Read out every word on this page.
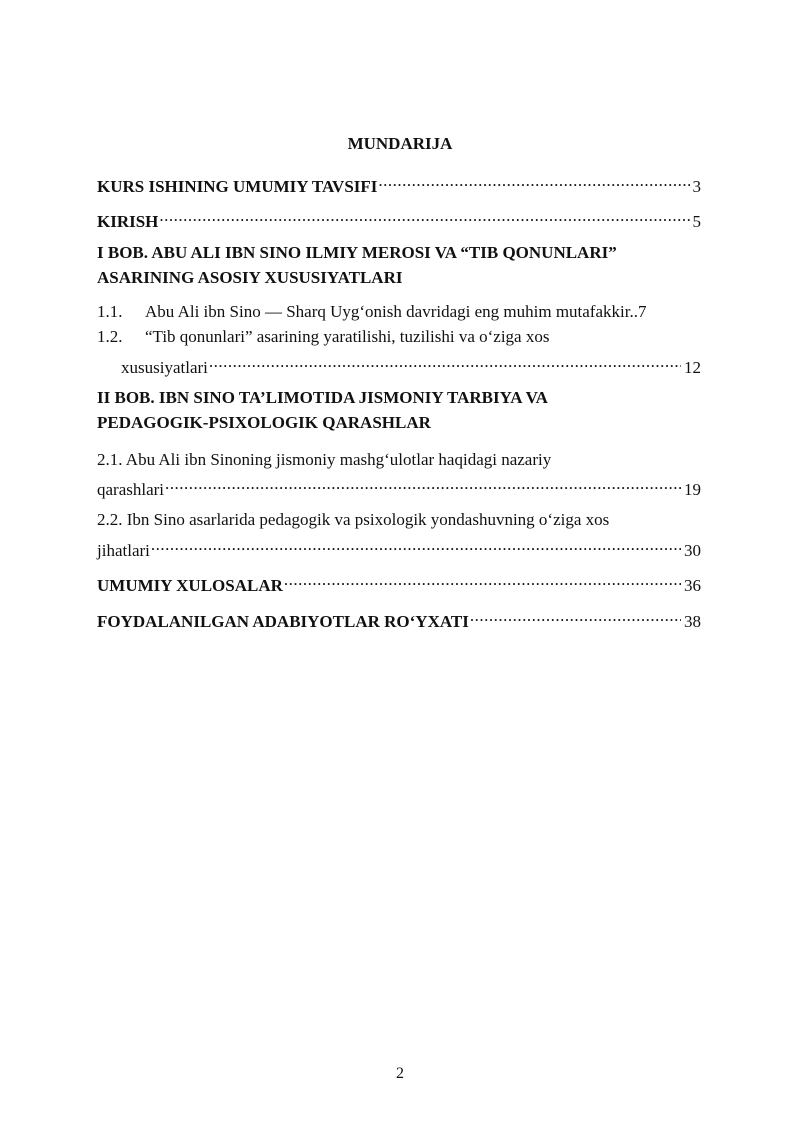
MUNDARIJA
KURS ISHINING UMUMIY TAVSIFI .....	3
KIRISH .....	5
I BOB. ABU ALI IBN SINO ILMIY MEROSI VA “TIB QONUNLARI”
ASARINING ASOSIY XUSUSIYATLARI
1.1. Abu Ali ibn Sino — Sharq Uyg‘onish davridagi eng muhim mutafakkir..7
1.2. “Tib qonunlari” asarining yaratilishi, tuzilishi va o‘ziga xos
xususiyatlari .....	12
II BOB. IBN SINO TA’LIMOTIDA JISMONIY TARBIYA VA
PEDAGOGIK-PSIXOLOGIK QARASHLAR
2.1. Abu Ali ibn Sinoning jismoniy mashg‘ulotlar haqidagi nazariy
qarashlari .....	19
2.2. Ibn Sino asarlarida pedagogik va psixologik yondashuvning o‘ziga xos
jihatlari .....	30
UMUMIY XULOSALAR .....	36
FOYDALANILGAN ADABIYOTLAR RO‘YXATI .....	38
2
